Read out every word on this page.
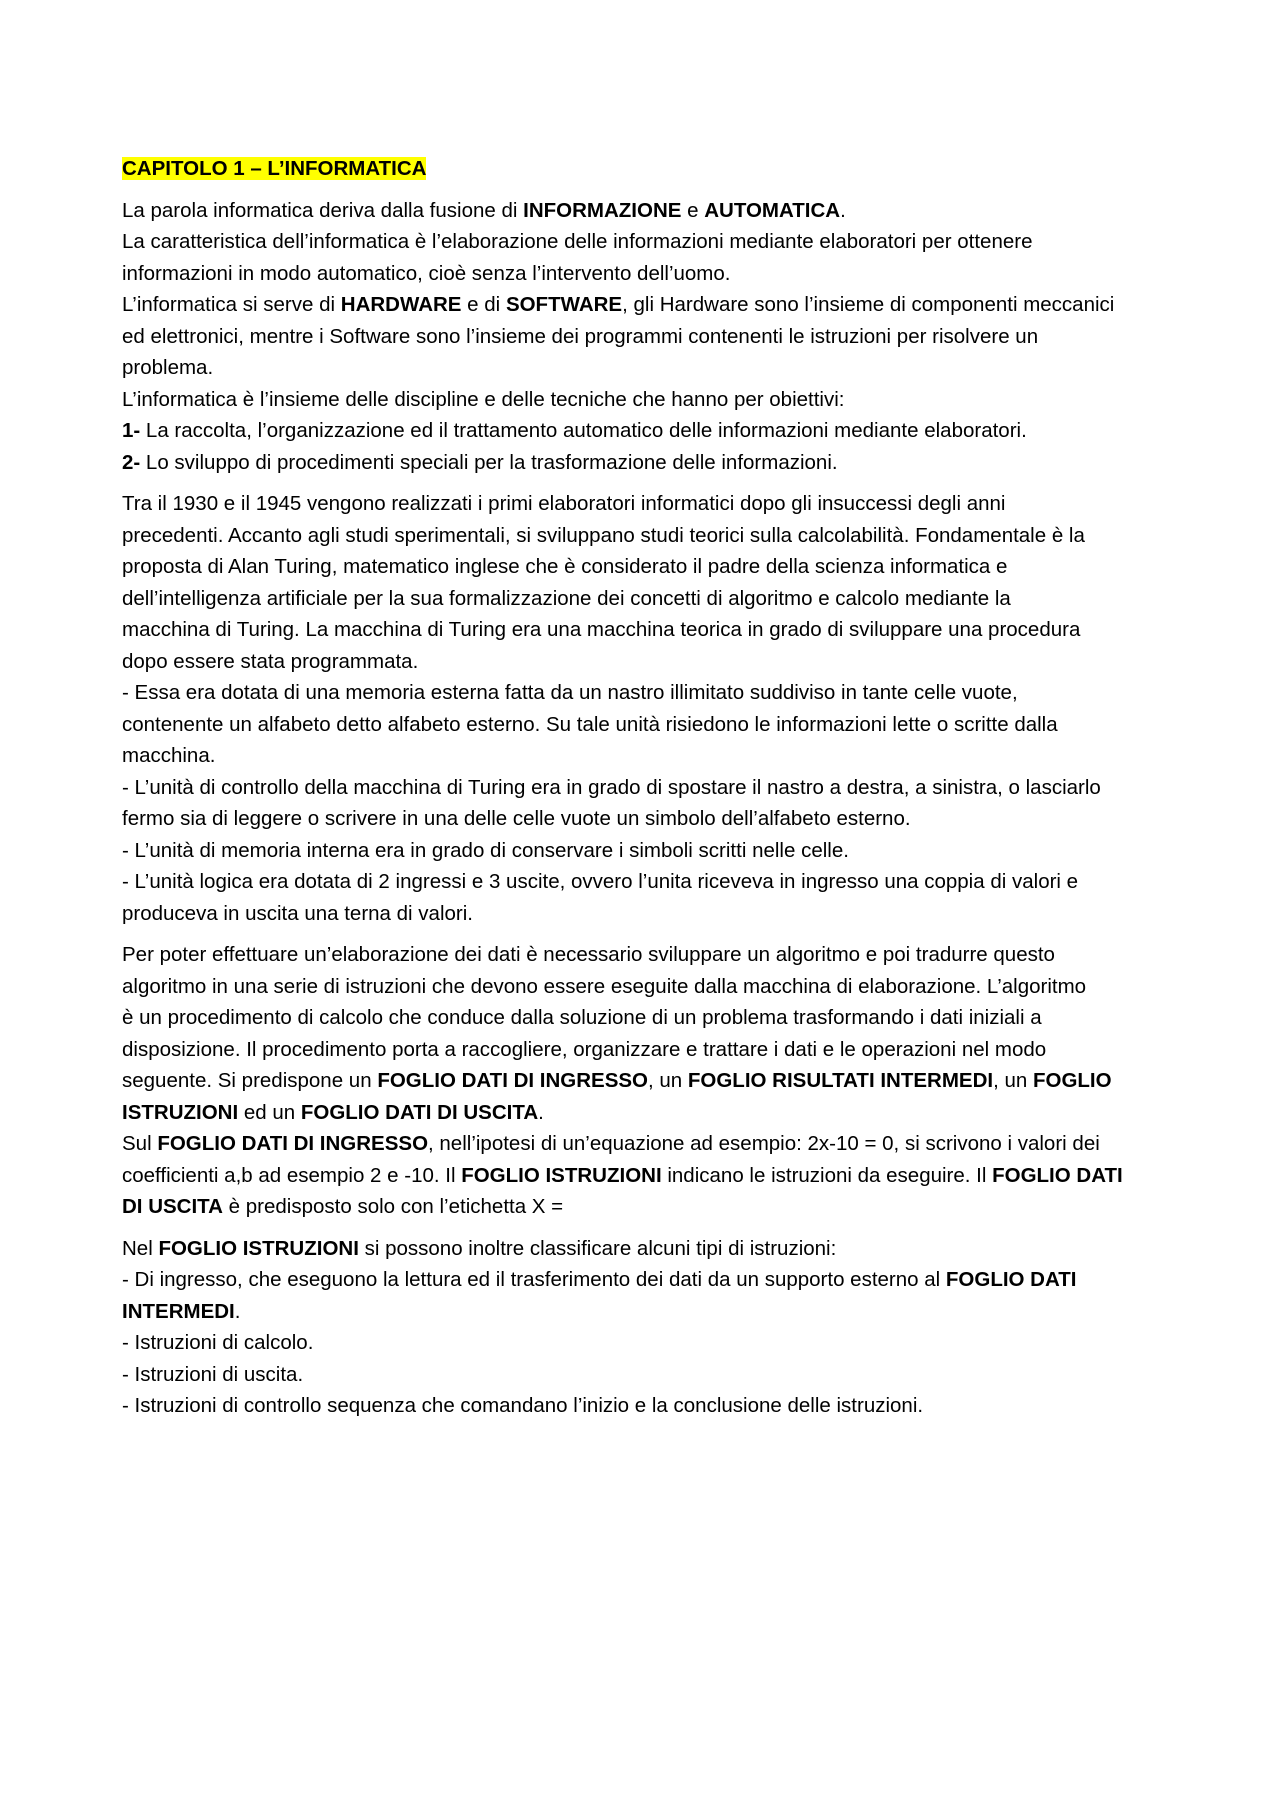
CAPITOLO 1 – L’INFORMATICA
La parola informatica deriva dalla fusione di INFORMAZIONE e AUTOMATICA.
La caratteristica dell’informatica è l’elaborazione delle informazioni mediante elaboratori per ottenere
informazioni in modo automatico, cioè senza l’intervento dell’uomo.
L’informatica si serve di HARDWARE e di SOFTWARE, gli Hardware sono l’insieme di componenti meccanici
ed elettronici, mentre i Software sono l’insieme dei programmi contenenti le istruzioni per risolvere un
problema.
L’informatica è l’insieme delle discipline e delle tecniche che hanno per obiettivi:
1- La raccolta, l’organizzazione ed il trattamento automatico delle informazioni mediante elaboratori.
2- Lo sviluppo di procedimenti speciali per la trasformazione delle informazioni.
Tra il 1930 e il 1945 vengono realizzati i primi elaboratori informatici dopo gli insuccessi degli anni
precedenti. Accanto agli studi sperimentali, si sviluppano studi teorici sulla calcolabilità. Fondamentale è la
proposta di Alan Turing, matematico inglese che è considerato il padre della scienza informatica e
dell’intelligenza artificiale per la sua formalizzazione dei concetti di algoritmo e calcolo mediante la
macchina di Turing. La macchina di Turing era una macchina teorica in grado di sviluppare una procedura
dopo essere stata programmata.
- Essa era dotata di una memoria esterna fatta da un nastro illimitato suddiviso in tante celle vuote,
contenente un alfabeto detto alfabeto esterno. Su tale unità risiedono le informazioni lette o scritte dalla
macchina.
- L’unità di controllo della macchina di Turing era in grado di spostare il nastro a destra, a sinistra, o lasciarlo
fermo sia di leggere o scrivere in una delle celle vuote un simbolo dell’alfabeto esterno.
- L’unità di memoria interna era in grado di conservare i simboli scritti nelle celle.
- L’unità logica era dotata di 2 ingressi e 3 uscite, ovvero l’unita riceveva in ingresso una coppia di valori e
produceva in uscita una terna di valori.
Per poter effettuare un’elaborazione dei dati è necessario sviluppare un algoritmo e poi tradurre questo
algoritmo in una serie di istruzioni che devono essere eseguite dalla macchina di elaborazione. L’algoritmo
è un procedimento di calcolo che conduce dalla soluzione di un problema trasformando i dati iniziali a
disposizione. Il procedimento porta a raccogliere, organizzare e trattare i dati e le operazioni nel modo
seguente. Si predispone un FOGLIO DATI DI INGRESSO, un FOGLIO RISULTATI INTERMEDI, un FOGLIO
ISTRUZIONI ed un FOGLIO DATI DI USCITA.
Sul FOGLIO DATI DI INGRESSO, nell’ipotesi di un’equazione ad esempio: 2x-10 = 0, si scrivono i valori dei
coefficienti a,b ad esempio 2 e -10. Il FOGLIO ISTRUZIONI indicano le istruzioni da eseguire. Il FOGLIO DATI
DI USCITA è predisposto solo con l’etichetta X =
Nel FOGLIO ISTRUZIONI si possono inoltre classificare alcuni tipi di istruzioni:
- Di ingresso, che eseguono la lettura ed il trasferimento dei dati da un supporto esterno al FOGLIO DATI
INTERMEDI.
- Istruzioni di calcolo.
- Istruzioni di uscita.
- Istruzioni di controllo sequenza che comandano l’inizio e la conclusione delle istruzioni.
